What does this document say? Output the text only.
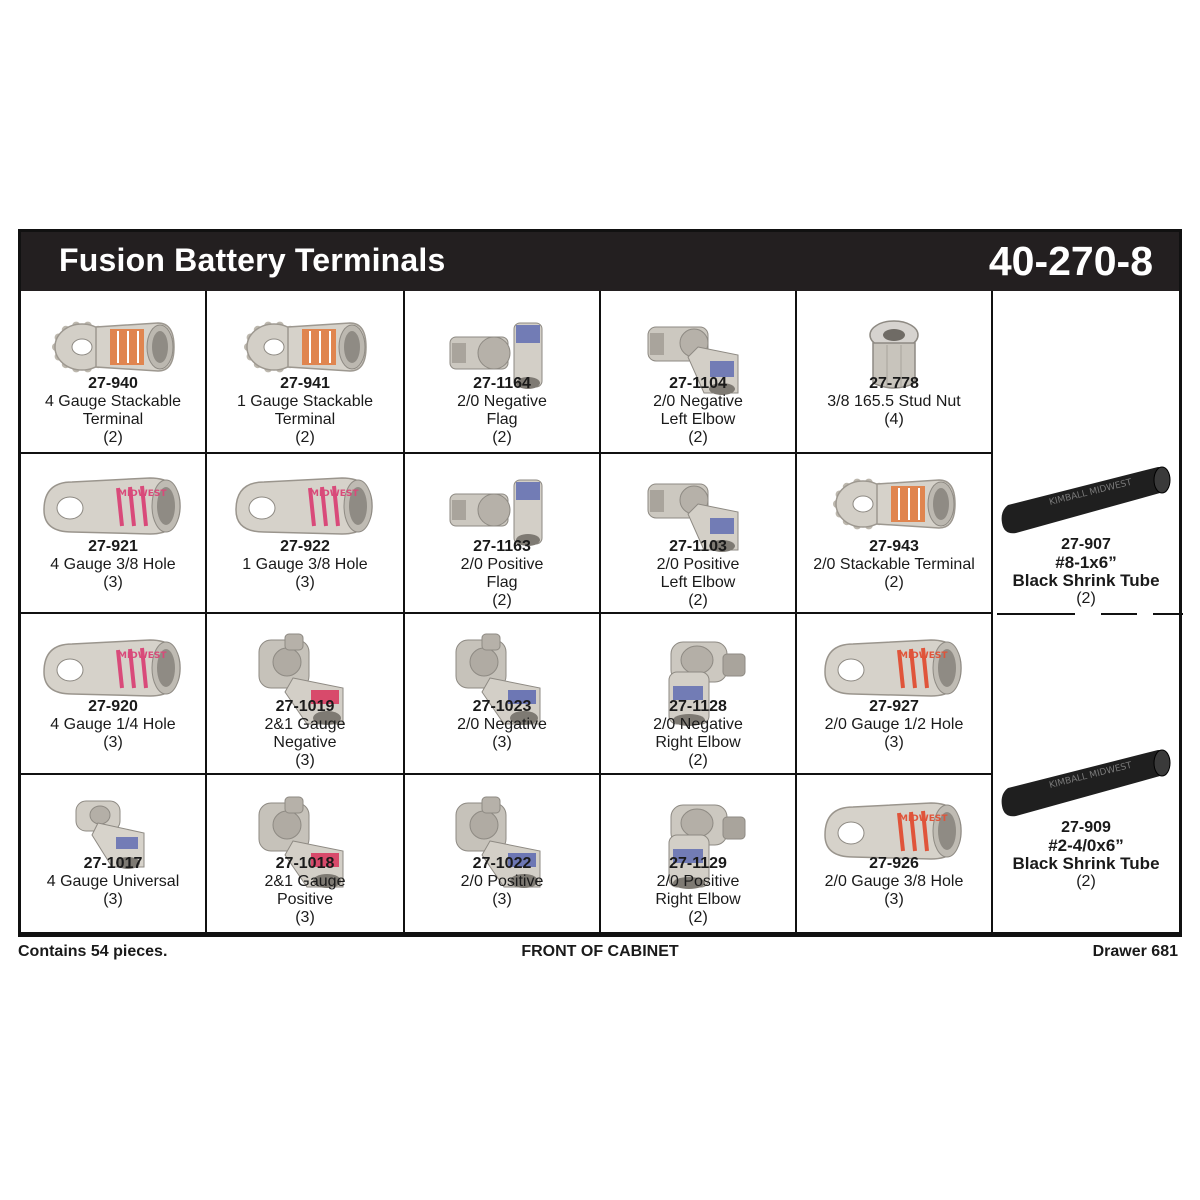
Fusion Battery Terminals	40-270-8
27-940
4 Gauge Stackable
Terminal
(2)
27-941
1 Gauge Stackable
Terminal
(2)
27-1164
2/0 Negative
Flag
(2)
27-1104
2/0 Negative
Left Elbow
(2)
27-778
3/8 165.5 Stud Nut
(4)
MIDWEST
27-921
4 Gauge 3/8 Hole
(3)
MIDWEST
27-922
1 Gauge 3/8 Hole
(3)
27-1163
2/0 Positive
Flag
(2)
27-1103
2/0 Positive
Left Elbow
(2)
27-943
2/0 Stackable Terminal
(2)
MIDWEST
27-920
4 Gauge 1/4 Hole
(3)
27-1019
2&1 Gauge
Negative
(3)
27-1023
2/0 Negative
(3)
27-1128
2/0 Negative
Right Elbow
(2)
MIDWEST
27-927
2/0 Gauge 1/2 Hole
(3)
27-1017
4 Gauge Universal
(3)
27-1018
2&1 Gauge
Positive
(3)
27-1022
2/0 Positive
(3)
27-1129
2/0 Positive
Right Elbow
(2)
MIDWEST
27-926
2/0 Gauge 3/8 Hole
(3)
KIMBALL MIDWEST
27-907
#8-1x6”
Black Shrink Tube
(2)
KIMBALL MIDWEST
27-909
#2-4/0x6”
Black Shrink Tube
(2)
Contains 54 pieces.	FRONT OF CABINET	Drawer 681
